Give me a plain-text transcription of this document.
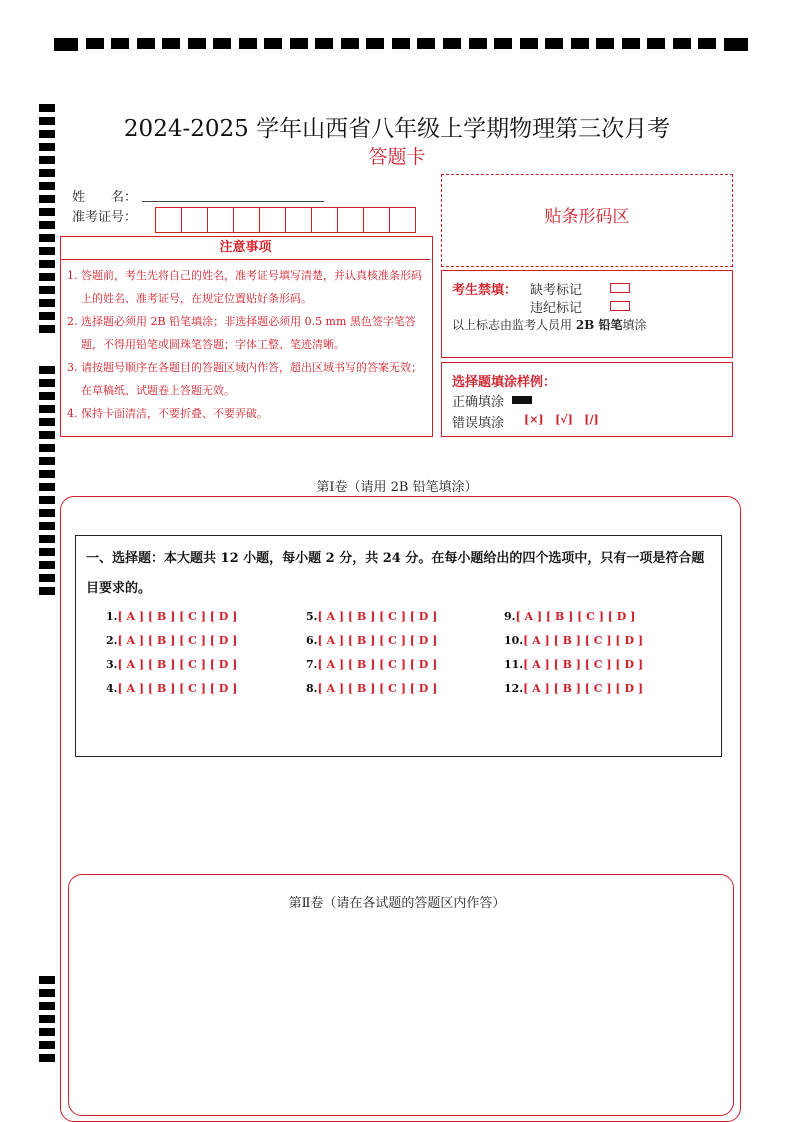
2024-2025 学年山西省八年级上学期物理第三次月考
答题卡
姓　　名：
准考证号：
注意事项
1. 答题前，考生先将自己的姓名，准考证号填写清楚，并认真核准条形码上的姓名、准考证号，在规定位置贴好条形码。
2. 选择题必须用 2B 铅笔填涂；非选择题必须用 0.5 mm 黑色签字笔答题，不得用铅笔或圆珠笔答题；字体工整、笔迹清晰。
3. 请按题号顺序在各题目的答题区域内作答，超出区域书写的答案无效；在草稿纸、试题卷上答题无效。
4. 保持卡面清洁，不要折叠、不要弄破。
贴条形码区
考生禁填： 缺考标记
违纪标记
以上标志由监考人员用 2B 铅笔填涂
选择题填涂样例：
正确填涂
错误填涂 [×] [√] [/]
第Ⅰ卷（请用 2B 铅笔填涂）
一、选择题：本大题共 12 小题，每小题 2 分，共 24 分。在每小题给出的四个选项中，只有一项是符合题目要求的。
1.[ A ] [ B ] [ C ] [ D ]
2.[ A ] [ B ] [ C ] [ D ]
3.[ A ] [ B ] [ C ] [ D ]
4.[ A ] [ B ] [ C ] [ D ]
5.[ A ] [ B ] [ C ] [ D ]
6.[ A ] [ B ] [ C ] [ D ]
7.[ A ] [ B ] [ C ] [ D ]
8.[ A ] [ B ] [ C ] [ D ]
9.[ A ] [ B ] [ C ] [ D ]
10.[ A ] [ B ] [ C ] [ D ]
11.[ A ] [ B ] [ C ] [ D ]
12.[ A ] [ B ] [ C ] [ D ]
第Ⅱ卷（请在各试题的答题区内作答）
